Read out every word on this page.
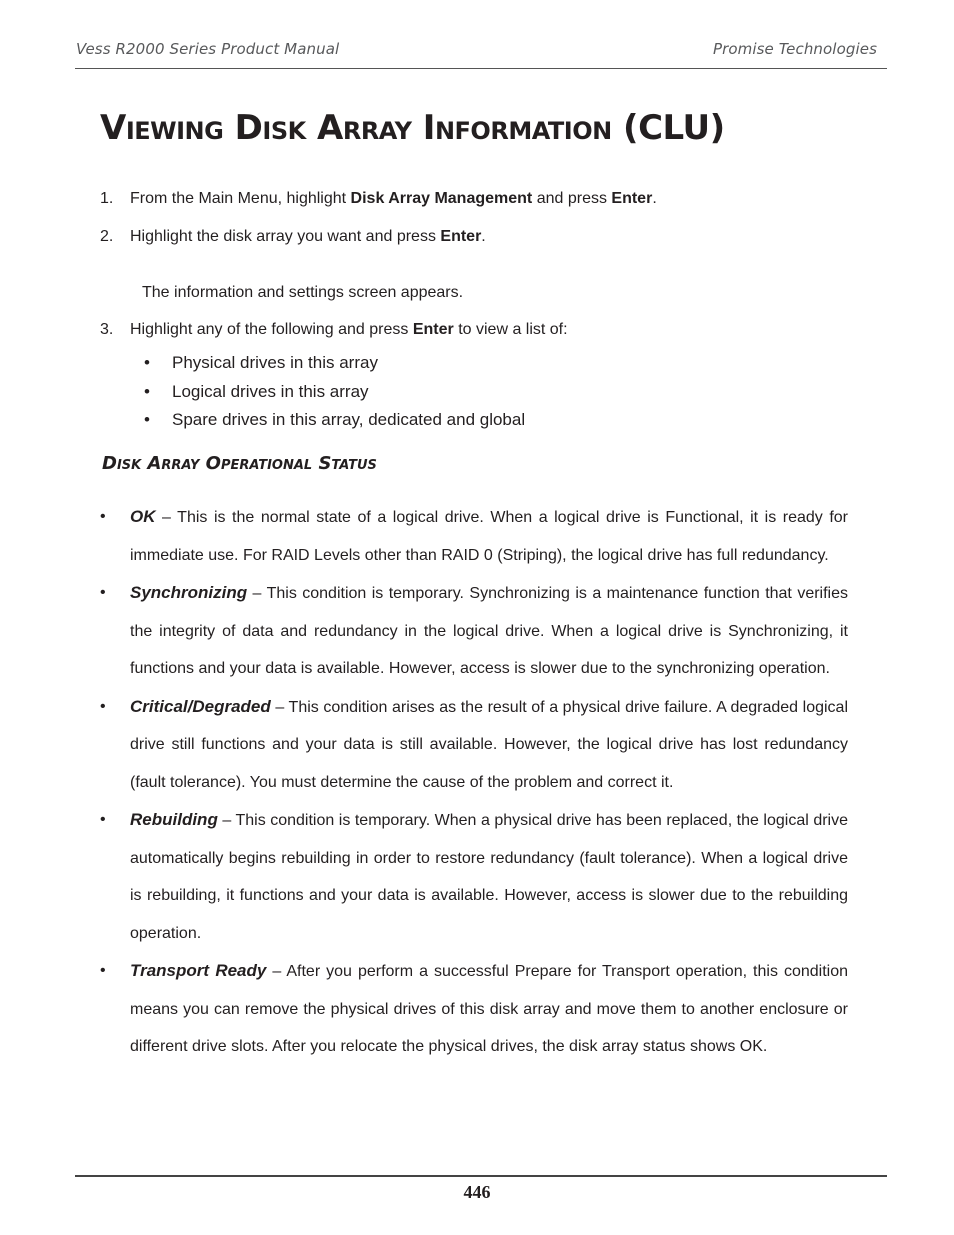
Vess R2000 Series Product Manual	Promise Technologies
Viewing Disk Array Information (CLU)
1. From the Main Menu, highlight Disk Array Management and press Enter.
2. Highlight the disk array you want and press Enter.
The information and settings screen appears.
3. Highlight any of the following and press Enter to view a list of:
• Physical drives in this array
• Logical drives in this array
• Spare drives in this array, dedicated and global
Disk Array Operational Status
• OK – This is the normal state of a logical drive. When a logical drive is Functional, it is ready for immediate use. For RAID Levels other than RAID 0 (Striping), the logical drive has full redundancy.
• Synchronizing – This condition is temporary. Synchronizing is a maintenance function that verifies the integrity of data and redundancy in the logical drive. When a logical drive is Synchronizing, it functions and your data is available. However, access is slower due to the synchronizing operation.
• Critical/Degraded – This condition arises as the result of a physical drive failure. A degraded logical drive still functions and your data is still available. However, the logical drive has lost redundancy (fault tolerance). You must determine the cause of the problem and correct it.
• Rebuilding – This condition is temporary. When a physical drive has been replaced, the logical drive automatically begins rebuilding in order to restore redundancy (fault tolerance). When a logical drive is rebuilding, it functions and your data is available. However, access is slower due to the rebuilding operation.
• Transport Ready – After you perform a successful Prepare for Transport operation, this condition means you can remove the physical drives of this disk array and move them to another enclosure or different drive slots. After you relocate the physical drives, the disk array status shows OK.
446
